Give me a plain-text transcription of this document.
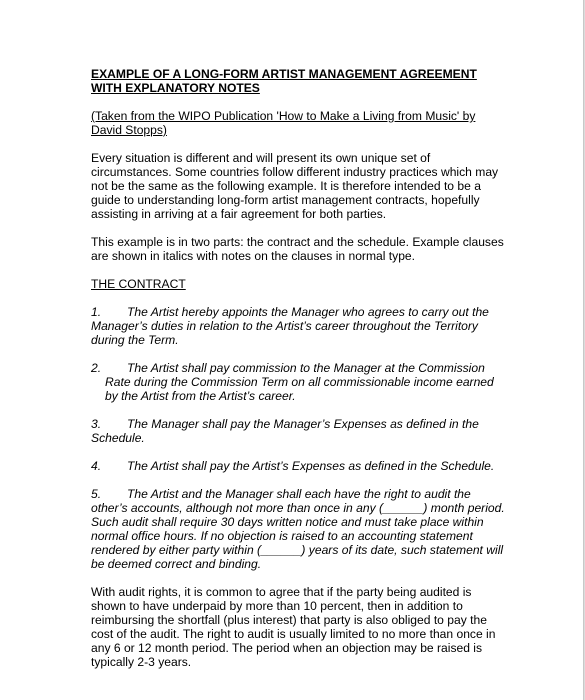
EXAMPLE OF A LONG-FORM ARTIST MANAGEMENT AGREEMENT
WITH EXPLANATORY NOTES

(Taken from the WIPO Publication 'How to Make a Living from Music' by
David Stopps)

Every situation is different and will present its own unique set of
circumstances. Some countries follow different industry practices which may
not be the same as the following example. It is therefore intended to be a
guide to understanding long-form artist management contracts, hopefully
assisting in arriving at a fair agreement for both parties.

This example is in two parts: the contract and the schedule. Example clauses
are shown in italics with notes on the clauses in normal type.

THE CONTRACT

1. The Artist hereby appoints the Manager who agrees to carry out the
Manager’s duties in relation to the Artist’s career throughout the Territory
during the Term.

2. The Artist shall pay commission to the Manager at the Commission
Rate during the Commission Term on all commissionable income earned
by the Artist from the Artist’s career.

3. The Manager shall pay the Manager’s Expenses as defined in the
Schedule.

4. The Artist shall pay the Artist’s Expenses as defined in the Schedule.

5. The Artist and the Manager shall each have the right to audit the
other’s accounts, although not more than once in any (______) month period.
Such audit shall require 30 days written notice and must take place within
normal office hours. If no objection is raised to an accounting statement
rendered by either party within (______) years of its date, such statement will
be deemed correct and binding.

With audit rights, it is common to agree that if the party being audited is
shown to have underpaid by more than 10 percent, then in addition to
reimbursing the shortfall (plus interest) that party is also obliged to pay the
cost of the audit. The right to audit is usually limited to no more than once in
any 6 or 12 month period. The period when an objection may be raised is
typically 2-3 years.
